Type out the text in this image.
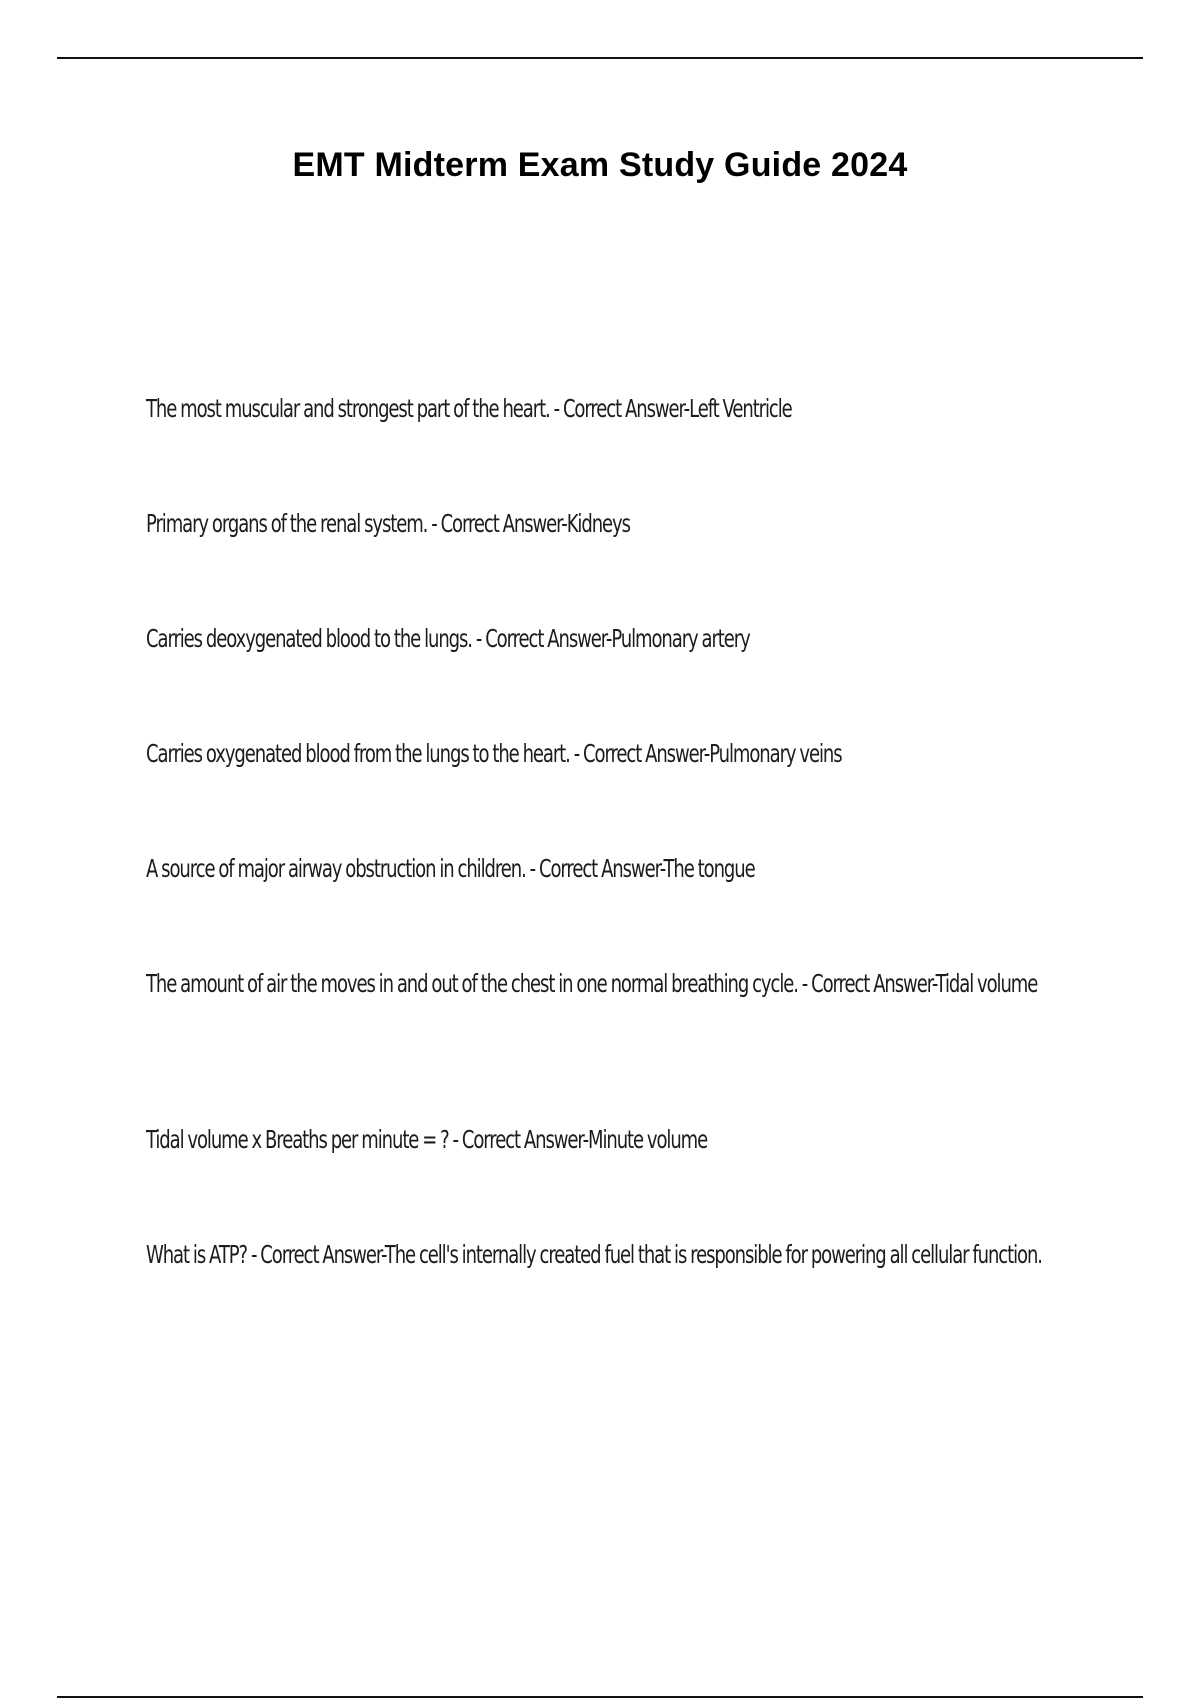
EMT Midterm Exam Study Guide 2024
The most muscular and strongest part of the heart. - Correct Answer-Left Ventricle
Primary organs of the renal system. - Correct Answer-Kidneys
Carries deoxygenated blood to the lungs. - Correct Answer-Pulmonary artery
Carries oxygenated blood from the lungs to the heart. - Correct Answer-Pulmonary veins
A source of major airway obstruction in children. - Correct Answer-The tongue
The amount of air the moves in and out of the chest in one normal breathing cycle. - Correct Answer-Tidal volume
Tidal volume x Breaths per minute = ? - Correct Answer-Minute volume
What is ATP? - Correct Answer-The cell's internally created fuel that is responsible for powering all cellular function.
